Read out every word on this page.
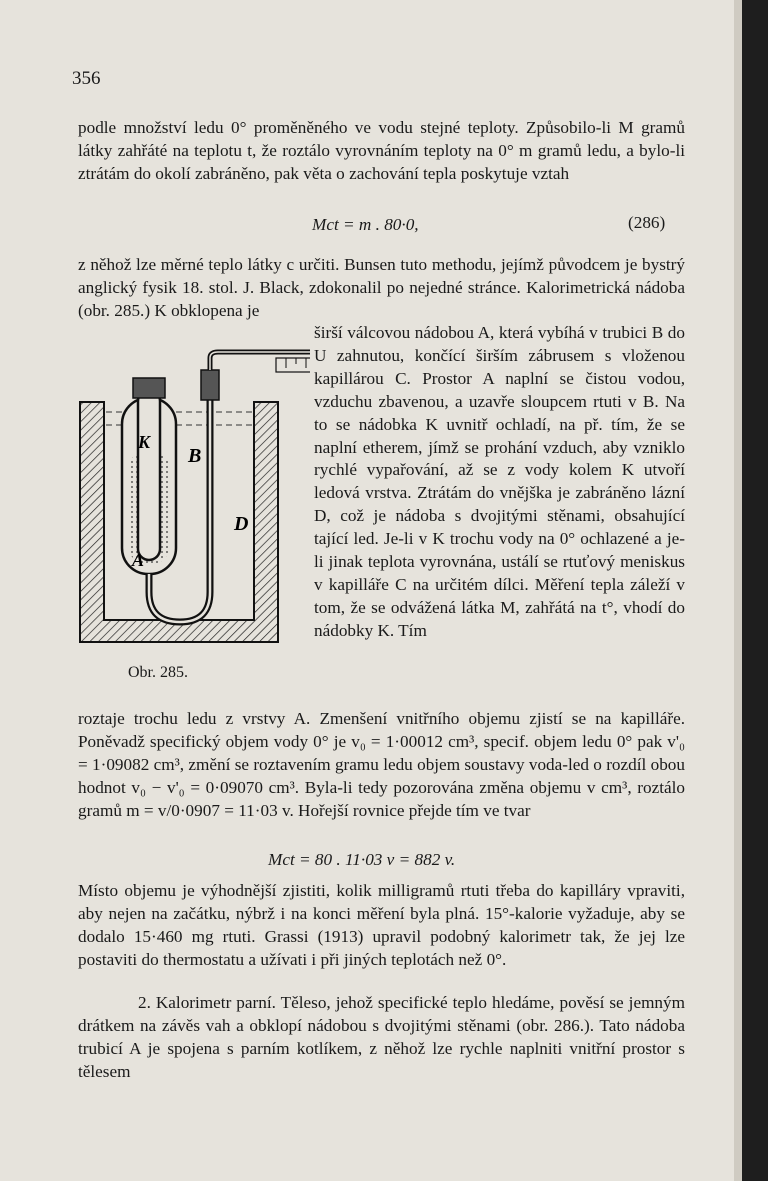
356
podle množství ledu 0° proměněného ve vodu stejné teploty. Způsobilo-li M gramů látky zahřáté na teplotu t, že roztálo vyrovnáním teploty na 0° m gramů ledu, a bylo-li ztrátám do okolí zabráněno, pak věta o zachování tepla poskytuje vztah
Mct = m . 80·0,	(286)
z něhož lze měrné teplo látky c určiti. Bunsen tuto methodu, jejímž původcem je bystrý anglický fysik 18. stol. J. Black, zdokonalil po nejedné stránce. Kalorimetrická nádoba (obr. 285.) K obklopena je
K
B
D
A
Obr. 285.
širší válcovou nádobou A, která vybíhá v trubici B do U zahnutou, končící širším zábrusem s vloženou kapillárou C. Prostor A naplní se čistou vodou, vzduchu zbavenou, a uzavře sloupcem rtuti v B. Na to se nádobka K uvnitř ochladí, na př. tím, že se naplní etherem, jímž se prohání vzduch, aby vzniklo rychlé vypařování, až se z vody kolem K utvoří ledová vrstva. Ztrátám do vnějška je zabráněno lázní D, což je nádoba s dvojitými stěnami, obsahující tající led. Je-li v K trochu vody na 0° ochlazené a je-li jinak teplota vyrovnána, ustálí se rtuťový meniskus v kapilláře C na určitém dílci. Měření tepla záleží v tom, že se odvážená látka M, zahřátá na t°, vhodí do nádobky K. Tím
roztaje trochu ledu z vrstvy A. Zmenšení vnitřního objemu zjistí se na kapilláře. Poněvadž specifický objem vody 0° je v₀ = 1·00012 cm³, specif. objem ledu 0° pak v'₀ = 1·09082 cm³, změní se roztavením gramu ledu objem soustavy voda-led o rozdíl obou hodnot v₀ − v'₀ = 0·09070 cm³. Byla-li tedy pozorována změna objemu v cm³, roztálo gramů m = v/0·0907 = 11·03 v. Hořejší rovnice přejde tím ve tvar
Mct = 80 . 11·03 v = 882 v.
Místo objemu je výhodnější zjistiti, kolik milligramů rtuti třeba do kapilláry vpraviti, aby nejen na začátku, nýbrž i na konci měření byla plná. 15°-kalorie vyžaduje, aby se dodalo 15·460 mg rtuti. Grassi (1913) upravil podobný kalorimetr tak, že jej lze postaviti do thermostatu a užívati i při jiných teplotách než 0°.
2. Kalorimetr parní. Těleso, jehož specifické teplo hledáme, pověsí se jemným drátkem na závěs vah a obklopí nádobou s dvojitými stěnami (obr. 286.). Tato nádoba trubicí A je spojena s parním kotlíkem, z něhož lze rychle naplniti vnitřní prostor s tělesem
